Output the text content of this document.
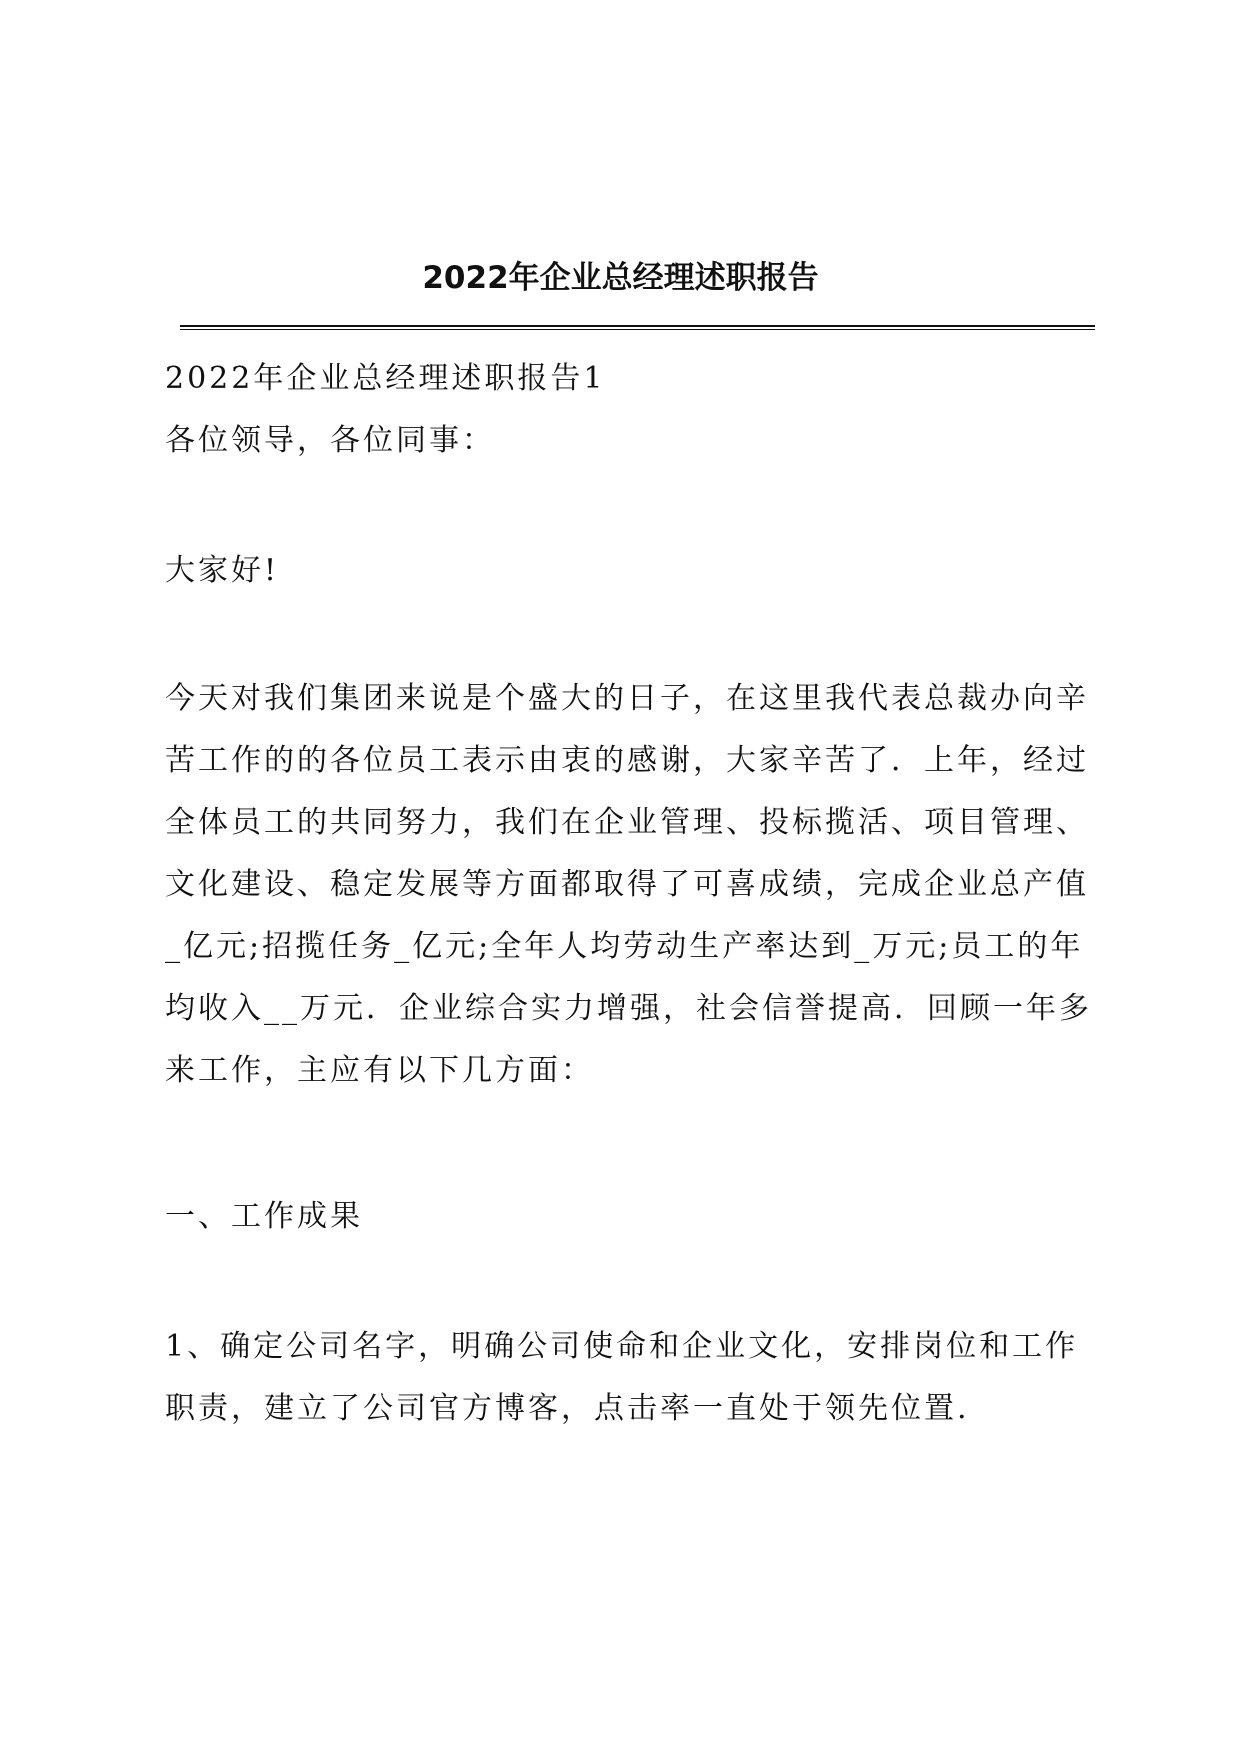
2022年企业总经理述职报告

2022年企业总经理述职报告1

各位领导，各位同事：

大家好!

今天对我们集团来说是个盛大的日子，在这里我代表总裁办向辛
苦工作的的各位员工表示由衷的感谢，大家辛苦了．上年，经过
全体员工的共同努力，我们在企业管理、投标揽活、项目管理、
文化建设、稳定发展等方面都取得了可喜成绩，完成企业总产值
_亿元;招揽任务_亿元;全年人均劳动生产率达到_万元;员工的年
均收入__万元．企业综合实力增强，社会信誉提高．回顾一年多
来工作，主应有以下几方面：

一、工作成果

1、确定公司名字，明确公司使命和企业文化，安排岗位和工作
职责，建立了公司官方博客，点击率一直处于领先位置.
